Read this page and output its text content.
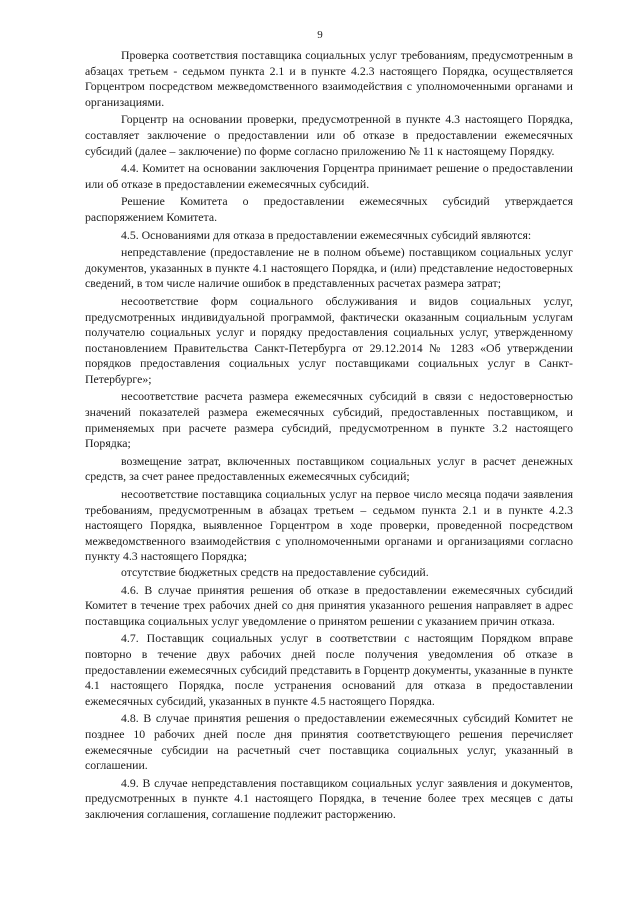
9

Проверка соответствия поставщика социальных услуг требованиям, предусмотренным в абзацах третьем - седьмом пункта 2.1 и в пункте 4.2.3 настоящего Порядка, осуществляется Горцентром посредством межведомственного взаимодействия с уполномоченными органами и организациями.

Горцентр на основании проверки, предусмотренной в пункте 4.3 настоящего Порядка, составляет заключение о предоставлении или об отказе в предоставлении ежемесячных субсидий (далее – заключение) по форме согласно приложению № 11 к настоящему Порядку.

4.4. Комитет на основании заключения Горцентра принимает решение о предоставлении или об отказе в предоставлении ежемесячных субсидий.

Решение Комитета о предоставлении ежемесячных субсидий утверждается распоряжением Комитета.

4.5. Основаниями для отказа в предоставлении ежемесячных субсидий являются:

непредставление (предоставление не в полном объеме) поставщиком социальных услуг документов, указанных в пункте 4.1 настоящего Порядка, и (или) представление недостоверных сведений, в том числе наличие ошибок в представленных расчетах размера затрат;

несоответствие форм социального обслуживания и видов социальных услуг, предусмотренных индивидуальной программой, фактически оказанным социальным услугам получателю социальных услуг и порядку предоставления социальных услуг, утвержденному постановлением Правительства Санкт-Петербурга от 29.12.2014 № 1283 «Об утверждении порядков предоставления социальных услуг поставщиками социальных услуг в Санкт-Петербурге»;

несоответствие расчета размера ежемесячных субсидий в связи с недостоверностью значений показателей размера ежемесячных субсидий, предоставленных поставщиком, и применяемых при расчете размера субсидий, предусмотренном в пункте 3.2 настоящего Порядка;

возмещение затрат, включенных поставщиком социальных услуг в расчет денежных средств, за счет ранее предоставленных ежемесячных субсидий;

несоответствие поставщика социальных услуг на первое число месяца подачи заявления требованиям, предусмотренным в абзацах третьем – седьмом пункта 2.1 и в пункте 4.2.3 настоящего Порядка, выявленное Горцентром в ходе проверки, проведенной посредством межведомственного взаимодействия с уполномоченными органами и организациями согласно пункту 4.3 настоящего Порядка;

отсутствие бюджетных средств на предоставление субсидий.

4.6. В случае принятия решения об отказе в предоставлении ежемесячных субсидий Комитет в течение трех рабочих дней со дня принятия указанного решения направляет в адрес поставщика социальных услуг уведомление о принятом решении с указанием причин отказа.

4.7. Поставщик социальных услуг в соответствии с настоящим Порядком вправе повторно в течение двух рабочих дней после получения уведомления об отказе в предоставлении ежемесячных субсидий представить в Горцентр документы, указанные в пункте 4.1 настоящего Порядка, после устранения оснований для отказа в предоставлении ежемесячных субсидий, указанных в пункте 4.5 настоящего Порядка.

4.8. В случае принятия решения о предоставлении ежемесячных субсидий Комитет не позднее 10 рабочих дней после дня принятия соответствующего решения перечисляет ежемесячные субсидии на расчетный счет поставщика социальных услуг, указанный в соглашении.

4.9. В случае непредставления поставщиком социальных услуг заявления и документов, предусмотренных в пункте 4.1 настоящего Порядка, в течение более трех месяцев с даты заключения соглашения, соглашение подлежит расторжению.
